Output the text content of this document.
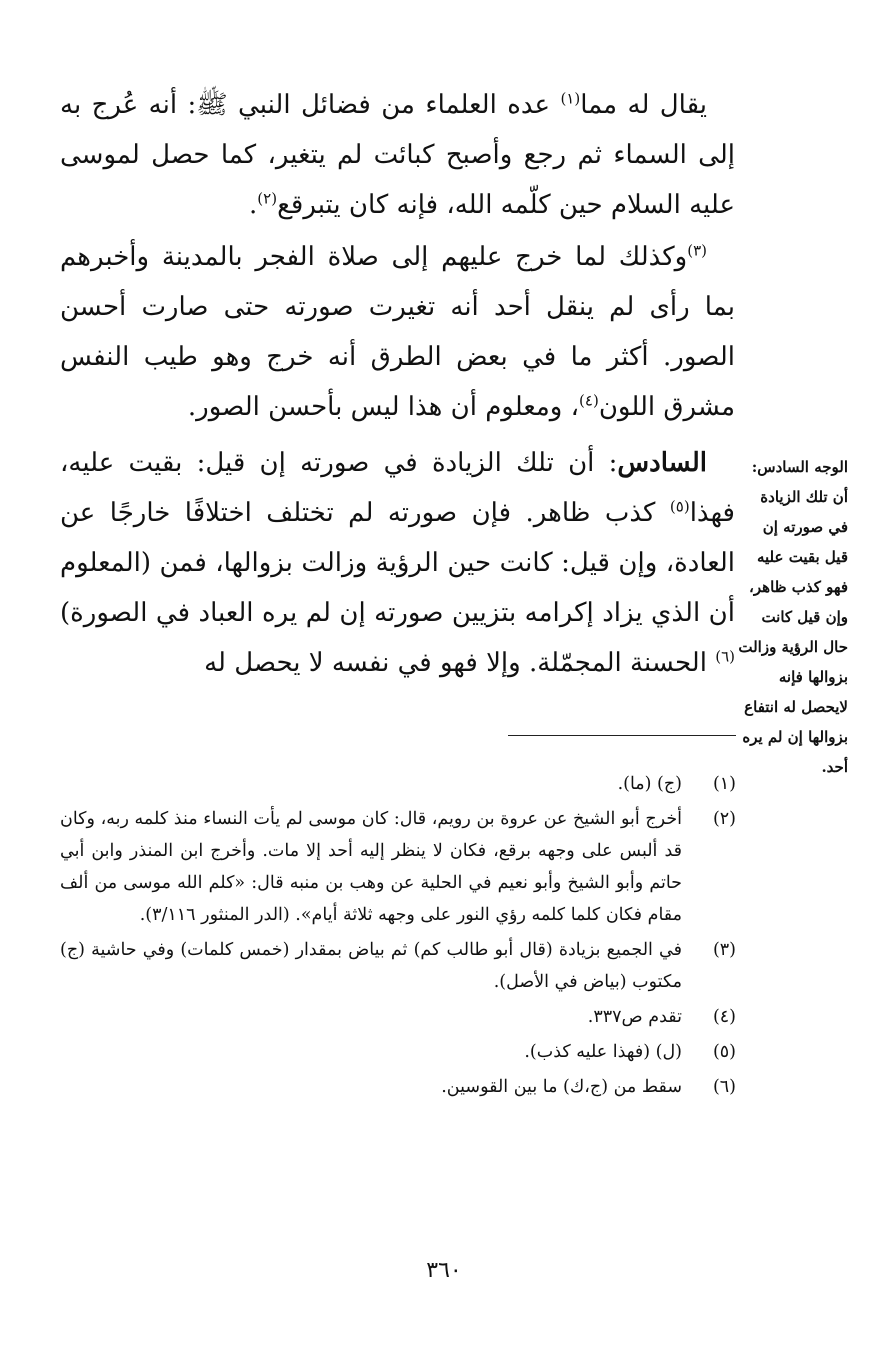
يقال له مما$^{(١)}$ عده العلماء من فضائل النبي ﷺ: أنه عُرج به إلى السماء ثم رجع وأصبح كبائت لم يتغير، كما حصل لموسى عليه السلام حين كلّمه الله، فإنه كان يتبرقع$^{(٢)}$.

$^{(٣)}$وكذلك لما خرج عليهم إلى صلاة الفجر بالمدينة وأخبرهم بما رأى لم ينقل أحد أنه تغيرت صورته حتى صارت أحسن الصور. أكثر ما في بعض الطرق أنه خرج وهو طيب النفس مشرق اللون$^{(٤)}$، ومعلوم أن هذا ليس بأحسن الصور.

السادس: أن تلك الزيادة في صورته إن قيل: بقيت عليه، فهذا$^{(٥)}$ كذب ظاهر. فإن صورته لم تختلف اختلافًا خارجًا عن العادة، وإن قيل: كانت حين الرؤية وزالت بزوالها، فمن (المعلوم أن الذي يزاد إكرامه بتزيين صورته إن لم يره العباد في الصورة)$^{(٦)}$ الحسنة المجمّلة. وإلا فهو في نفسه لا يحصل له

الوجه السادس: أن تلك الزيادة في صورته إن قيل بقيت عليه فهو كذب ظاهر، وإن قيل كانت حال الرؤية وزالت بزوالها فإنه لايحصل له انتفاع بزوالها إن لم يره أحد.
(١)
(ج) (ما).
(٢)
أخرج أبو الشيخ عن عروة بن رويم، قال: كان موسى لم يأت النساء منذ كلمه ربه، وكان قد ألبس على وجهه برقع، فكان لا ينظر إليه أحد إلا مات. وأخرج ابن المنذر وابن أبي حاتم وأبو الشيخ وأبو نعيم في الحلية عن وهب بن منبه قال: «كلم الله موسى من ألف مقام فكان كلما كلمه رؤي النور على وجهه ثلاثة أيام». (الدر المنثور ٣/١١٦).
(٣)
في الجميع بزيادة (قال أبو طالب كم) ثم بياض بمقدار (خمس كلمات) وفي حاشية (ج) مكتوب (بياض في الأصل).
(٤)
تقدم ص٣٣٧.
(٥)
(ل) (فهذا عليه كذب).
(٦)
سقط من (ج،ك) ما بين القوسين.
٣٦٠
